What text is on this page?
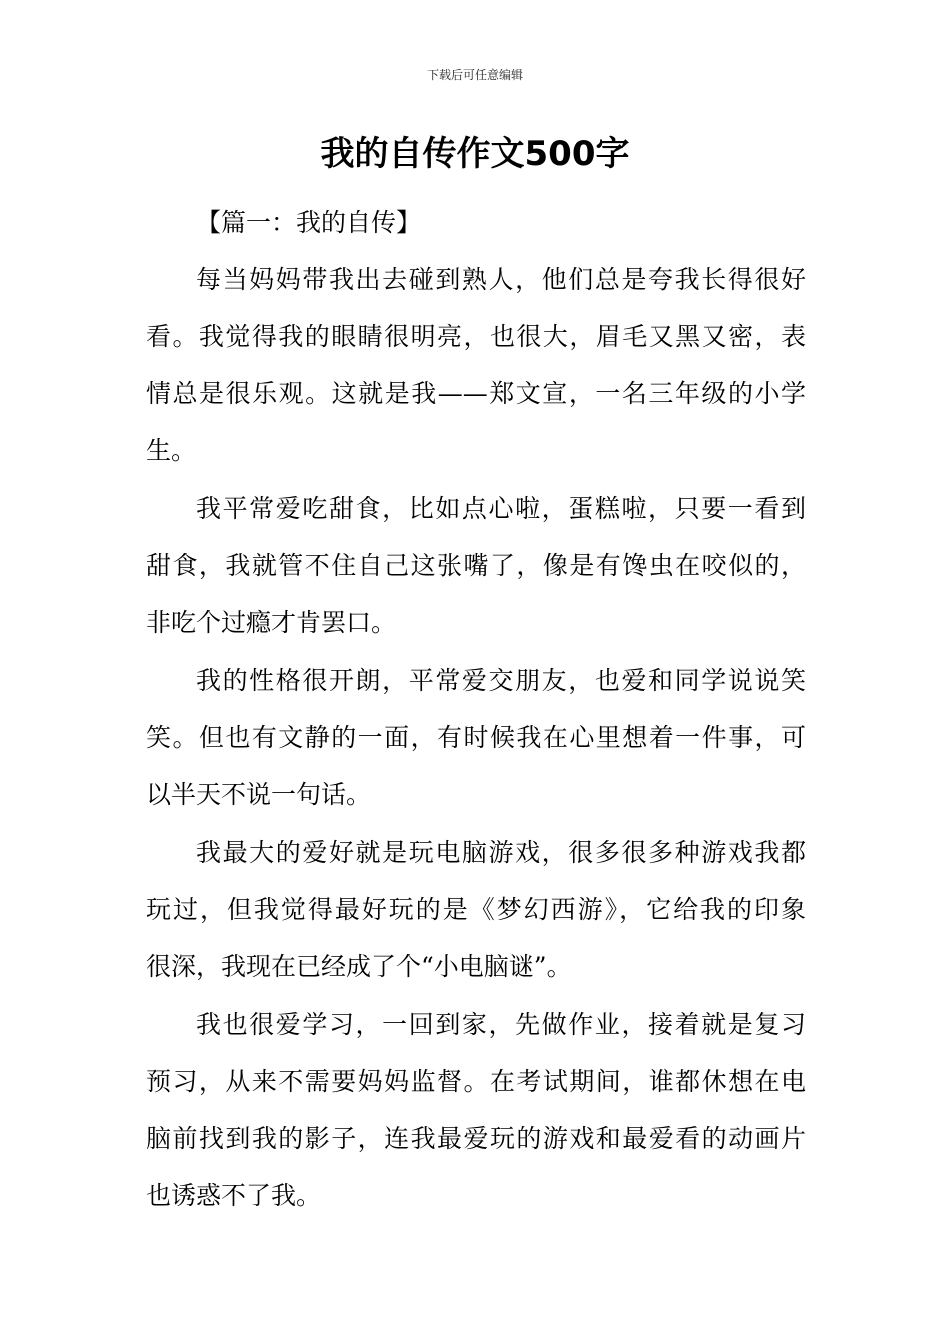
下载后可任意编辑
我的自传作文500字
【篇一：我的自传】
每当妈妈带我出去碰到熟人，他们总是夸我长得很好
看。我觉得我的眼睛很明亮，也很大，眉毛又黑又密，表
情总是很乐观。这就是我——郑文宣，一名三年级的小学
生。
我平常爱吃甜食，比如点心啦，蛋糕啦，只要一看到
甜食，我就管不住自己这张嘴了，像是有馋虫在咬似的，
非吃个过瘾才肯罢口。
我的性格很开朗，平常爱交朋友，也爱和同学说说笑
笑。但也有文静的一面，有时候我在心里想着一件事，可
以半天不说一句话。
我最大的爱好就是玩电脑游戏，很多很多种游戏我都
玩过，但我觉得最好玩的是《梦幻西游》，它给我的印象
很深，我现在已经成了个“小电脑谜”。
我也很爱学习，一回到家，先做作业，接着就是复习
预习，从来不需要妈妈监督。在考试期间，谁都休想在电
脑前找到我的影子，连我最爱玩的游戏和最爱看的动画片
也诱惑不了我。
